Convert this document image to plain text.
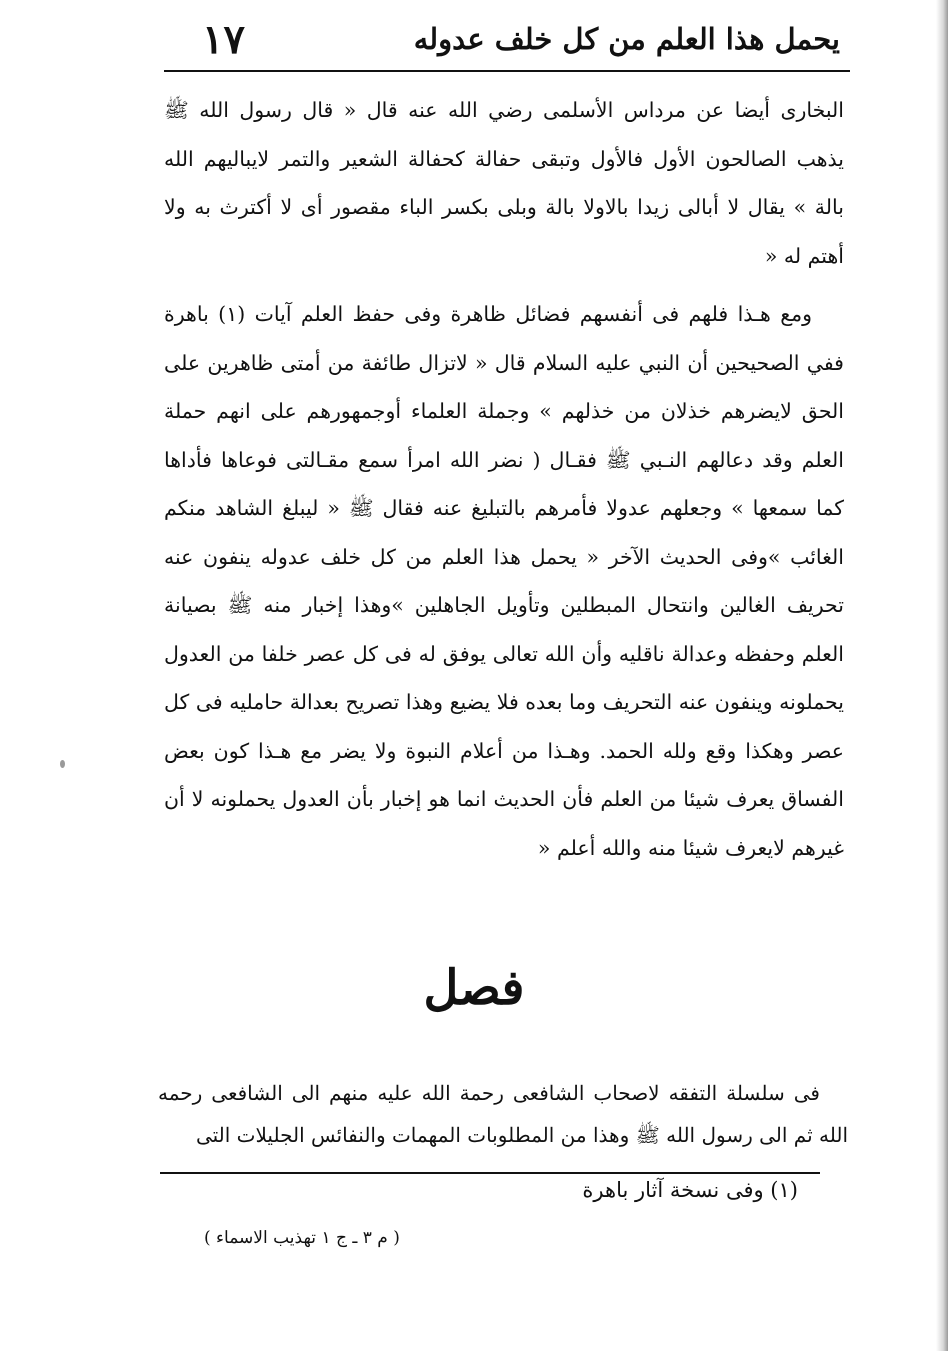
١٧	يحمل هذا العلم من كل خلف عدوله

البخارى أيضا عن مرداس الأسلمى رضي الله عنه قال « قال رسول الله ﷺ يذهب الصالحون الأول فالأول وتبقى حفالة كحفالة الشعير والتمر لايباليهم الله بالة » يقال لا أبالى زيدا بالاولا بالة وبلى بكسر الباء مقصور أى لا أكترث به ولا أهتم له «

ومع هـذا فلهم فى أنفسهم فضائل ظاهرة وفى حفظ العلم آيات (١) باهرة ففي الصحيحين أن النبي عليه السلام قال « لاتزال طائفة من أمتى ظاهرين على الحق لايضرهم خذلان من خذلهم » وجملة العلماء أوجمهورهم على انهم حملة العلم وقد دعالهم النـبي ﷺ فقـال ( نضر الله امرأ سمع مقـالتى فوعاها فأداها كما سمعها » وجعلهم عدولا فأمرهم بالتبليغ عنه فقال ﷺ « ليبلغ الشاهد منكم الغائب »وفى الحديث الآخر « يحمل هذا العلم من كل خلف عدوله ينفون عنه تحريف الغالين وانتحال المبطلين وتأويل الجاهلين »وهذا إخبار منه ﷺ بصيانة العلم وحفظه وعدالة ناقليه وأن الله تعالى يوفق له فى كل عصر خلفا من العدول يحملونه وينفون عنه التحريف وما بعده فلا يضيع وهذا تصريح بعدالة حامليه فى كل عصر وهكذا وقع ولله الحمد. وهـذا من أعلام النبوة ولا يضر مع هـذا كون بعض الفساق يعرف شيئا من العلم فأن الحديث انما هو إخبار بأن العدول يحملونه لا أن غيرهم لايعرف شيئا منه والله أعلم «

فصل
فى سلسلة التفقه لاصحاب الشافعى رحمة الله عليه منهم الى الشافعى رحمه الله ثم الى رسول الله ﷺ وهذا من المطلوبات المهمات والنفائس الجليلات التى
(١) وفى نسخة آثار باهرة
( م ٣ ـ ج ١ تهذيب الاسماء )
